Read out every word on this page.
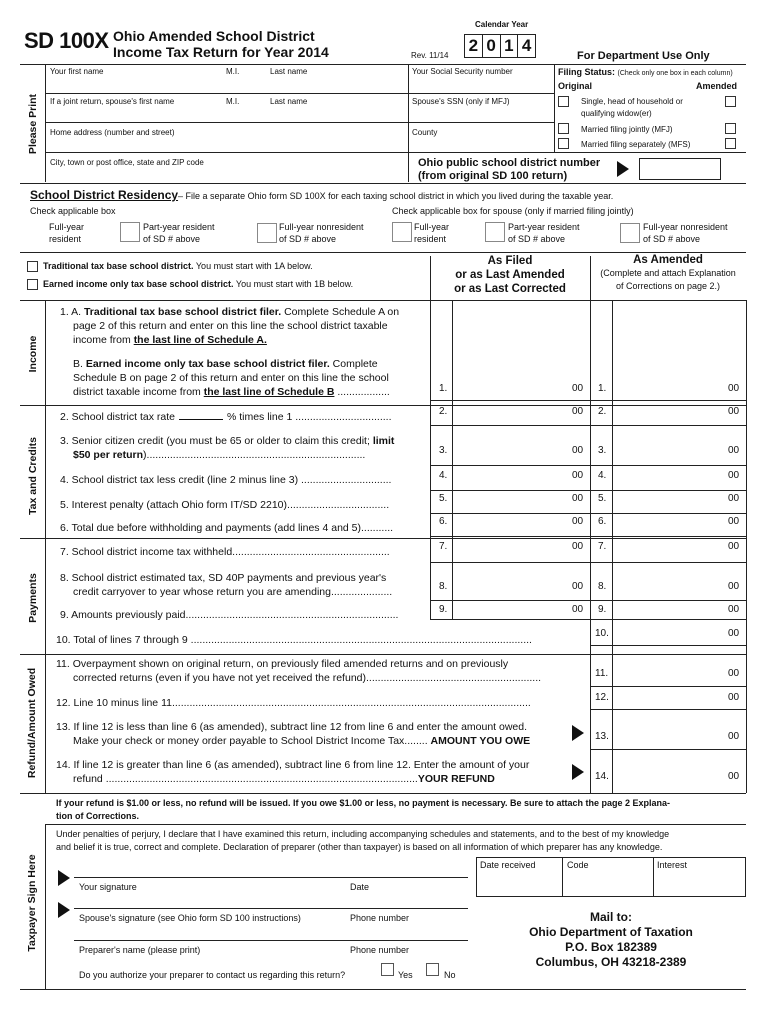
SD 100X Ohio Amended School District
Income Tax Return for Year 2014	Rev. 11/14
Calendar Year
2 0 1 4
For Department Use Only
Please Print
Your first name	M.I.	Last name	Your Social Security number
If a joint return, spouse's first name	M.I.	Last name	Spouse's SSN (only if MFJ)
Home address (number and street)	County
City, town or post office, state and ZIP code	Ohio public school district number
(from original SD 100 return)
Filing Status: (Check only one box in each column)
Original	Amended
Single, head of household or
qualifying widow(er)
Married filing jointly (MFJ)
Married filing separately (MFS)
School District Residency– File a separate Ohio form SD 100X for each taxing school district in which you lived during the taxable year.
Check applicable box	Check applicable box for spouse (only if married filing jointly)
Full-year
resident
Part-year resident
of SD # above
Full-year nonresident
of SD # above
Full-year
resident
Part-year resident
of SD # above
Full-year nonresident
of SD # above
Traditional tax base school district. You must start with 1A below.
Earned income only tax base school district. You must start with 1B below.
As Filed
or as Last Amended
or as Last Corrected
As Amended
(Complete and attach Explanation
of Corrections on page 2.)
Income
Tax and Credits
Payments
Refund/Amount Owed
1. A. Traditional tax base school district filer. Complete Schedule A on
page 2 of this return and enter on this line the school district taxable
income from the last line of Schedule A.
B. Earned income only tax base school district filer. Complete
Schedule B on page 2 of this return and enter on this line the school
district taxable income from the last line of Schedule B ..................	1.	00 1.	00
2. School district tax rate	% times line 1 .................................	2.	00 2.	00
3. Senior citizen credit (you must be 65 or older to claim this credit; limit
$50 per return)...........................................................................	3.	00 3.	00
4. School district tax less credit (line 2 minus line 3) ...............................	4.	00 4.	00
5. Interest penalty (attach Ohio form IT/SD 2210)...................................
5.	00 5.	00
6. Total due before withholding and payments (add lines 4 and 5)...........
6.	00 6.	00
7. School district income tax withheld......................................................	7.	00 7.	00
8. School district estimated tax, SD 40P payments and previous year's
credit carryover to year whose return you are amending.....................	8.	00 8.	00
9. Amounts previously paid.........................................................................	9.	00 9.	00
10. Total of lines 7 through 9 .....................................................................................................................
10.	00
11. Overpayment shown on original return, on previously filed amended returns and on previously
corrected returns (even if you have not yet received the refund)............................................................	11.	00
12. Line 10 minus line 11...........................................................................................................................	12.	00
13. If line 12 is less than line 6 (as amended), subtract line 12 from line 6 and enter the amount owed.
Make your check or money order payable to School District Income Tax........ AMOUNT YOU OWE	13.	00
14. If line 12 is greater than line 6 (as amended), subtract line 6 from line 12. Enter the amount of your
refund ...........................................................................................................YOUR REFUND	14.	00
If your refund is $1.00 or less, no refund will be issued. If you owe $1.00 or less, no payment is necessary. Be sure to attach the page 2 Explana-
tion of Corrections.
Taxpayer Sign Here
Under penalties of perjury, I declare that I have examined this return, including accompanying schedules and statements, and to the best of my knowledge
and belief it is true, correct and complete. Declaration of preparer (other than taxpayer) is based on all information of which preparer has any knowledge.
Your signature	Date
Spouse's signature (see Ohio form SD 100 instructions)	Phone number
Preparer's name (please print)	Phone number
Do you authorize your preparer to contact us regarding this return?	Yes	No
Date received	Code	Interest
Mail to:
Ohio Department of Taxation
P.O. Box 182389
Columbus, OH 43218-2389
